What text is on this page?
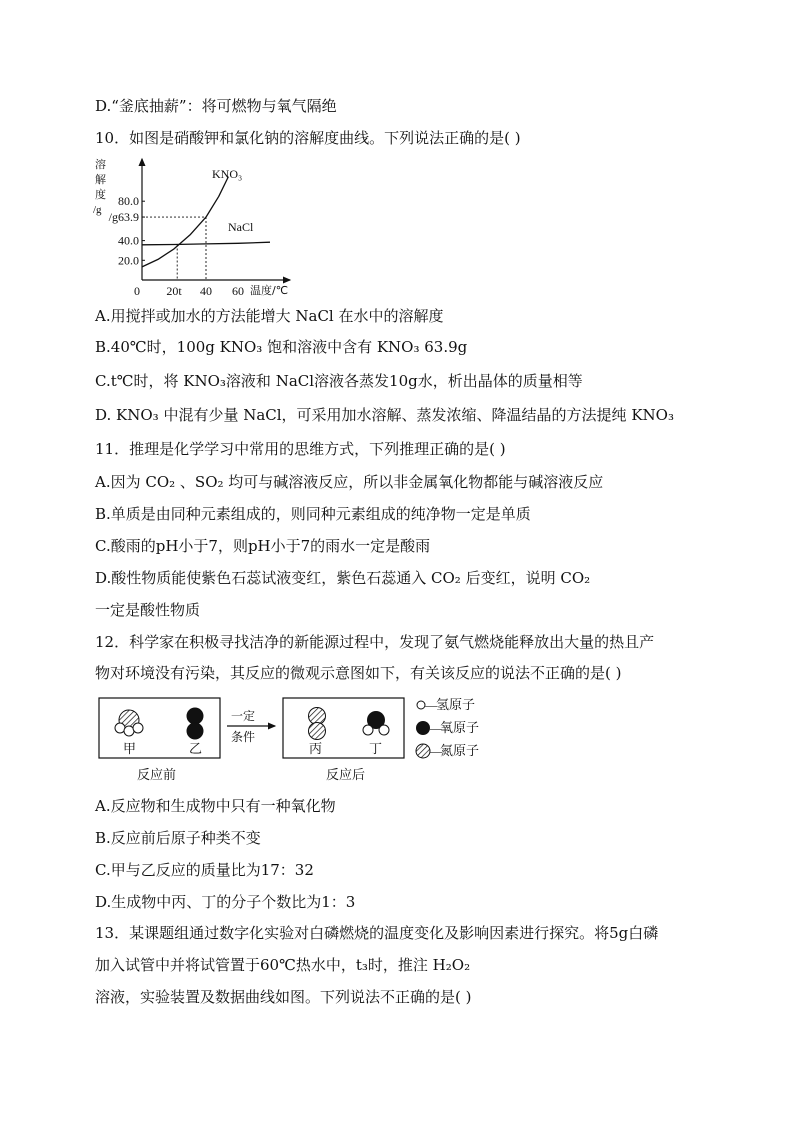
D.“釜底抽薪”：将可燃物与氧气隔绝
10．如图是硝酸钾和氯化钠的溶解度曲线。下列说法正确的是( )
溶
解
度
/g
20.0
40.0
/g63.9
80.0
0 20t 40 60 温度/℃
KNO₃
NaCl
A.用搅拌或加水的方法能增大 NaCl 在水中的溶解度
B.40℃时，100g KNO₃ 饱和溶液中含有 KNO₃ 63.9g
C.t℃时，将 KNO₃溶液和 NaCl溶液各蒸发10g水，析出晶体的质量相等
D. KNO₃ 中混有少量 NaCl，可采用加水溶解、蒸发浓缩、降温结晶的方法提纯 KNO₃
11．推理是化学学习中常用的思维方式，下列推理正确的是( )
A.因为 CO₂ 、SO₂ 均可与碱溶液反应，所以非金属氧化物都能与碱溶液反应
B.单质是由同种元素组成的，则同种元素组成的纯净物一定是单质
C.酸雨的pH小于7，则pH小于7的雨水一定是酸雨
D.酸性物质能使紫色石蕊试液变红，紫色石蕊通入 CO₂ 后变红，说明 CO₂
一定是酸性物质
12．科学家在积极寻找洁净的新能源过程中，发现了氨气燃烧能释放出大量的热且产
物对环境没有污染，其反应的微观示意图如下，有关该反应的说法不正确的是( )
甲	乙
一定
条件
丙	丁
反应前	反应后
— 氢原子
—
氧原子
—
氮原子
A.反应物和生成物中只有一种氧化物
B.反应前后原子种类不变
C.甲与乙反应的质量比为17：32
D.生成物中丙、丁的分子个数比为1：3
13．某课题组通过数字化实验对白磷燃烧的温度变化及影响因素进行探究。将5g白磷
加入试管中并将试管置于60℃热水中，t₃时，推注 H₂O₂
溶液，实验装置及数据曲线如图。下列说法不正确的是( )
